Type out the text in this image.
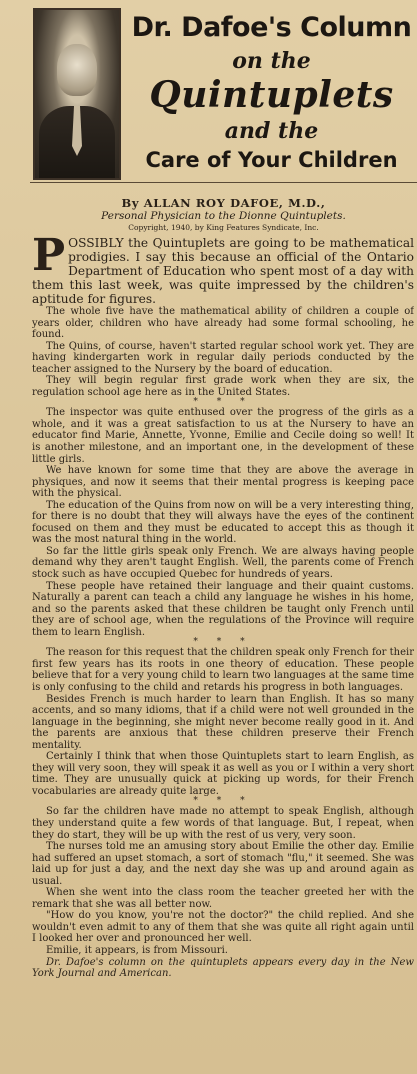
Dr. Dafoe's Column
on the
Quintuplets
and the
Care of Your Children
By ALLAN ROY DAFOE, M.D.,
Personal Physician to the Dionne Quintuplets.
Copyright, 1940, by King Features Syndicate, Inc.

POSSIBLY the Quintuplets are going to be mathematical prodigies. I say this because an official of the Ontario Department of Education who spent most of a day with them this last week, was quite impressed by the children's aptitude for figures.

The whole five have the mathematical ability of children a couple of years older, children who have already had some formal schooling, he found.

The Quins, of course, haven't started regular school work yet. They are having kindergarten work in regular daily periods conducted by the teacher assigned to the Nursery by the board of education.

They will begin regular first grade work when they are six, the regulation school age here as in the United States.

* * *

The inspector was quite enthused over the progress of the girls as a whole, and it was a great satisfaction to us at the Nursery to have an educator find Marie, Annette, Yvonne, Emilie and Cecile doing so well! It is another milestone, and an important one, in the development of these little girls.

We have known for some time that they are above the average in physiques, and now it seems that their mental progress is keeping pace with the physical.

The education of the Quins from now on will be a very interesting thing, for there is no doubt that they will always have the eyes of the continent focused on them and they must be educated to accept this as though it was the most natural thing in the world.

So far the little girls speak only French. We are always having people demand why they aren't taught English. Well, the parents come of French stock such as have occupied Quebec for hundreds of years.

These people have retained their language and their quaint customs. Naturally a parent can teach a child any language he wishes in his home, and so the parents asked that these children be taught only French until they are of school age, when the regulations of the Province will require them to learn English.

* * *

The reason for this request that the children speak only French for their first few years has its roots in one theory of education. These people believe that for a very young child to learn two languages at the same time is only confusing to the child and retards his progress in both languages.

Besides French is much harder to learn than English. It has so many accents, and so many idioms, that if a child were not well grounded in the language in the beginning, she might never become really good in it. And the parents are anxious that these children preserve their French mentality.

Certainly I think that when those Quintuplets start to learn English, as they will very soon, they will speak it as well as you or I within a very short time. They are unusually quick at picking up words, for their French vocabularies are already quite large.

* * *

So far the children have made no attempt to speak English, although they understand quite a few words of that language. But, I repeat, when they do start, they will be up with the rest of us very, very soon.

The nurses told me an amusing story about Emilie the other day. Emilie had suffered an upset stomach, a sort of stomach "flu," it seemed. She was laid up for just a day, and the next day she was up and around again as usual.

When she went into the class room the teacher greeted her with the remark that she was all better now.

"How do you know, you're not the doctor?" the child replied. And she wouldn't even admit to any of them that she was quite all right again until I looked her over and pronounced her well.

Emilie, it appears, is from Missouri.

Dr. Dafoe's column on the quintuplets appears every day in the New York Journal and American.
